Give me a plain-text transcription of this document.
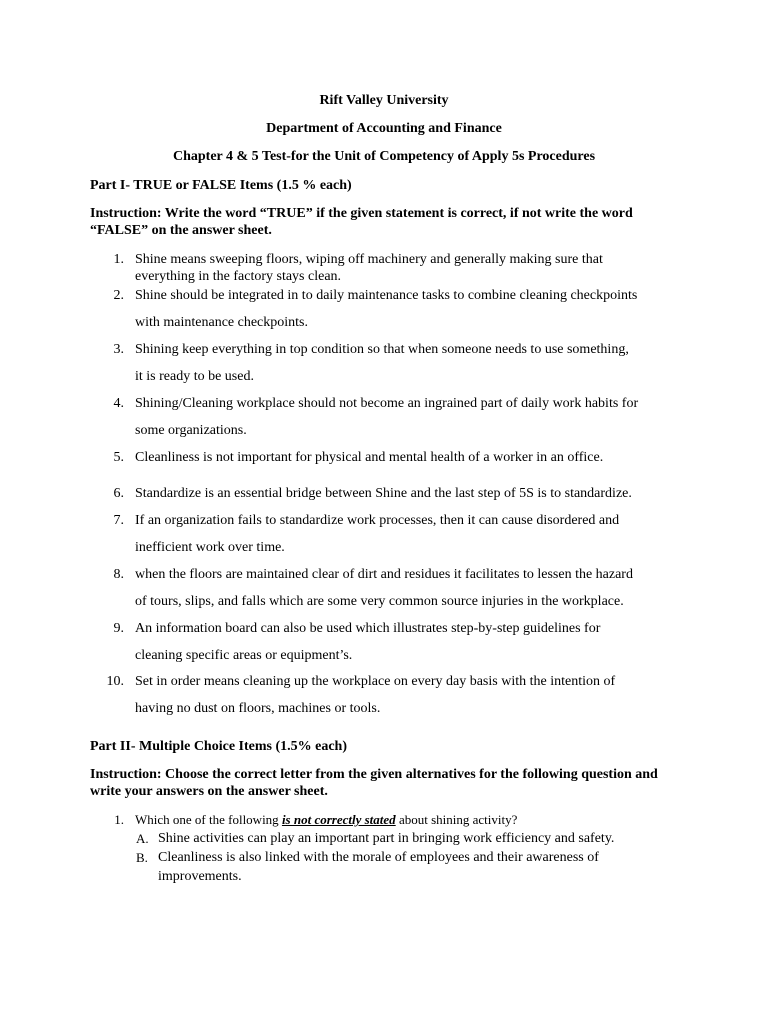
Rift Valley University
Department of Accounting and Finance
Chapter 4 & 5 Test-for the Unit of Competency of Apply 5s Procedures
Part I- TRUE or FALSE Items (1.5 % each)
Instruction: Write the word “TRUE” if the given statement is correct, if not write the word
“FALSE” on the answer sheet.
1. Shine means sweeping floors, wiping off machinery and generally making sure that
everything in the factory stays clean.
2. Shine should be integrated in to daily maintenance tasks to combine cleaning checkpoints
with maintenance checkpoints.
3. Shining keep everything in top condition so that when someone needs to use something,
it is ready to be used.
4. Shining/Cleaning workplace should not become an ingrained part of daily work habits for
some organizations.
5. Cleanliness is not important for physical and mental health of a worker in an office.
6. Standardize is an essential bridge between Shine and the last step of 5S is to standardize.
7. If an organization fails to standardize work processes, then it can cause disordered and
inefficient work over time.
8. when the floors are maintained clear of dirt and residues it facilitates to lessen the hazard
of tours, slips, and falls which are some very common source injuries in the workplace.
9. An information board can also be used which illustrates step-by-step guidelines for
cleaning specific areas or equipment’s.
10. Set in order means cleaning up the workplace on every day basis with the intention of
having no dust on floors, machines or tools.
Part II- Multiple Choice Items (1.5% each)
Instruction: Choose the correct letter from the given alternatives for the following question and
write your answers on the answer sheet.
1. Which one of the following is not correctly stated about shining activity?
A. Shine activities can play an important part in bringing work efficiency and safety.
B. Cleanliness is also linked with the morale of employees and their awareness of
improvements.
